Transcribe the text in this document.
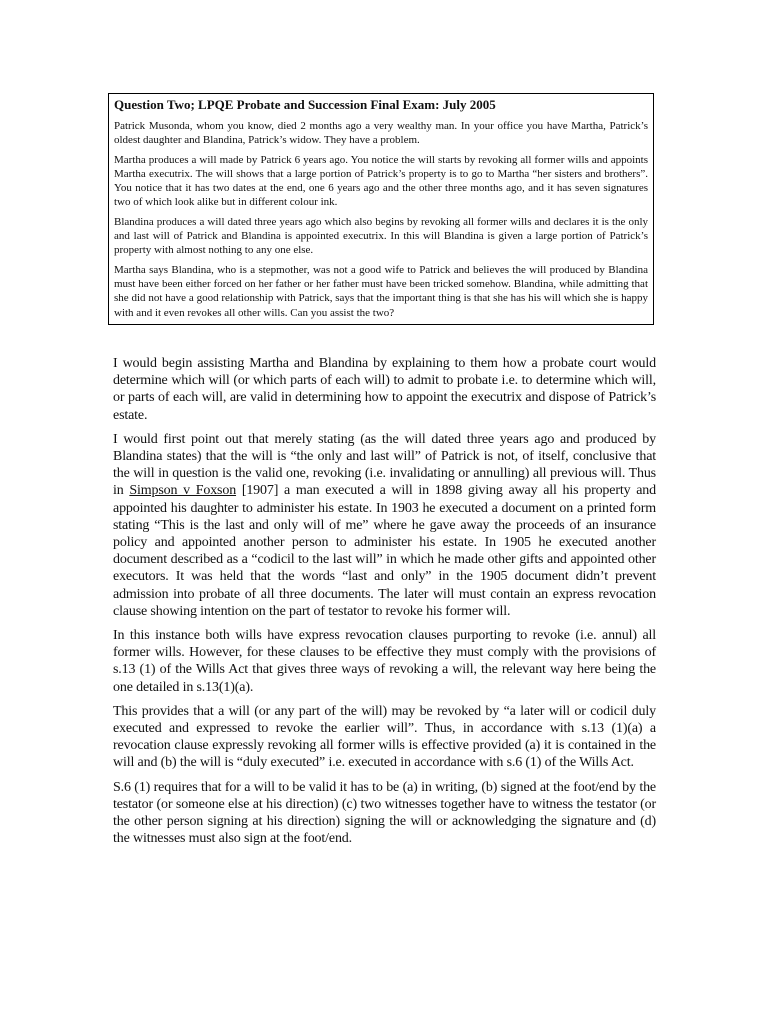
Question Two; LPQE Probate and Succession Final Exam: July 2005

Patrick Musonda, whom you know, died 2 months ago a very wealthy man. In your office you have Martha, Patrick’s oldest daughter and Blandina, Patrick’s widow. They have a problem.

Martha produces a will made by Patrick 6 years ago. You notice the will starts by revoking all former wills and appoints Martha executrix. The will shows that a large portion of Patrick’s property is to go to Martha “her sisters and brothers”. You notice that it has two dates at the end, one 6 years ago and the other three months ago, and it has seven signatures two of which look alike but in different colour ink.

Blandina produces a will dated three years ago which also begins by revoking all former wills and declares it is the only and last will of Patrick and Blandina is appointed executrix. In this will Blandina is given a large portion of Patrick’s property with almost nothing to any one else.

Martha says Blandina, who is a stepmother, was not a good wife to Patrick and believes the will produced by Blandina must have been either forced on her father or her father must have been tricked somehow. Blandina, while admitting that she did not have a good relationship with Patrick, says that the important thing is that she has his will which she is happy with and it even revokes all other wills. Can you assist the two?

I would begin assisting Martha and Blandina by explaining to them how a probate court would determine which will (or which parts of each will) to admit to probate i.e. to determine which will, or parts of each will, are valid in determining how to appoint the executrix and dispose of Patrick’s estate.

I would first point out that merely stating (as the will dated three years ago and produced by Blandina states) that the will is “the only and last will” of Patrick is not, of itself, conclusive that the will in question is the valid one, revoking (i.e. invalidating or annulling) all previous will. Thus in Simpson v Foxson [1907] a man executed a will in 1898 giving away all his property and appointed his daughter to administer his estate. In 1903 he executed a document on a printed form stating “This is the last and only will of me” where he gave away the proceeds of an insurance policy and appointed another person to administer his estate. In 1905 he executed another document described as a “codicil to the last will” in which he made other gifts and appointed other executors. It was held that the words “last and only” in the 1905 document didn’t prevent admission into probate of all three documents. The later will must contain an express revocation clause showing intention on the part of testator to revoke his former will.

In this instance both wills have express revocation clauses purporting to revoke (i.e. annul) all former wills. However, for these clauses to be effective they must comply with the provisions of s.13 (1) of the Wills Act that gives three ways of revoking a will, the relevant way here being the one detailed in s.13(1)(a).

This provides that a will (or any part of the will) may be revoked by “a later will or codicil duly executed and expressed to revoke the earlier will”. Thus, in accordance with s.13 (1)(a) a revocation clause expressly revoking all former wills is effective provided (a) it is contained in the will and (b) the will is “duly executed” i.e. executed in accordance with s.6 (1) of the Wills Act.

S.6 (1) requires that for a will to be valid it has to be (a) in writing, (b) signed at the foot/end by the testator (or someone else at his direction) (c) two witnesses together have to witness the testator (or the other person signing at his direction) signing the will or acknowledging the signature and (d) the witnesses must also sign at the foot/end.
